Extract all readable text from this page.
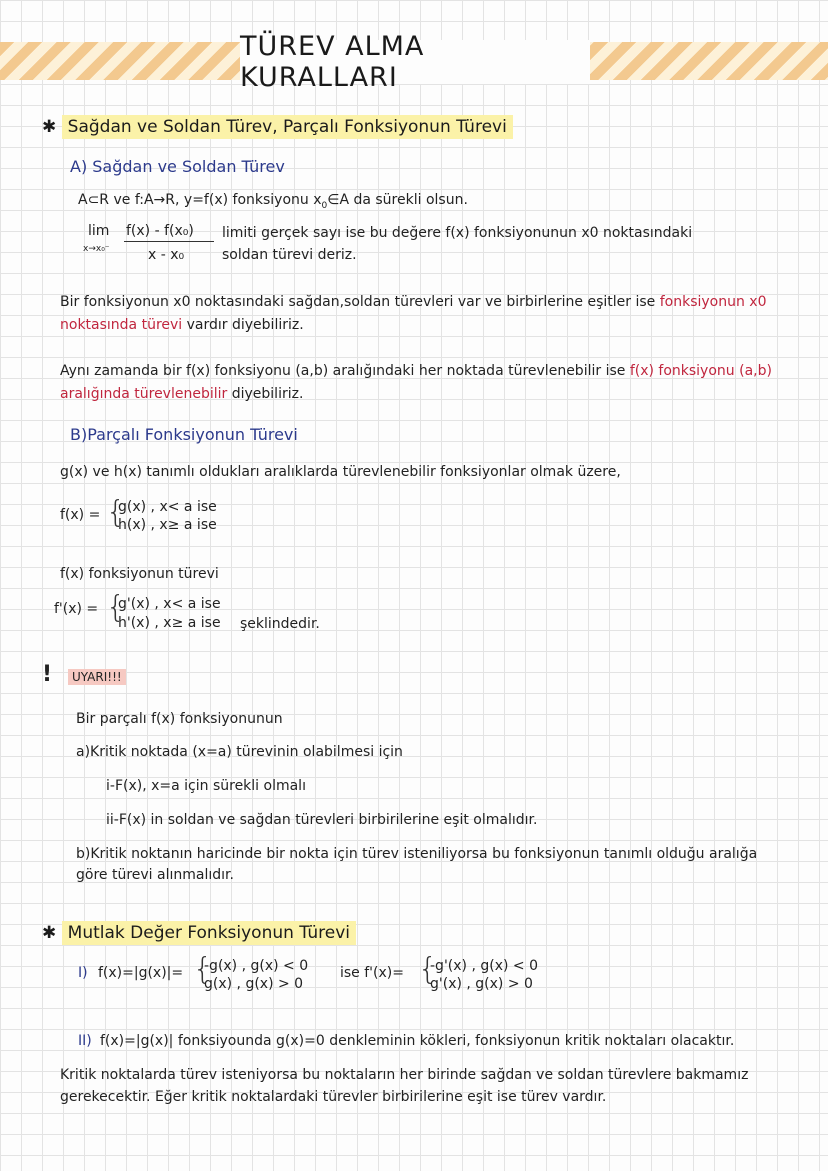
TÜREV ALMA KURALLARI
✱ Sağdan ve Soldan Türev, Parçalı Fonksiyonun Türevi
A) Sağdan ve Soldan Türev
A⊂R ve f:A→R, y=f(x) fonksiyonu $x_0\in A$ da sürekli olsun.
lim
x→x₀⁻
f(x) - f(x₀)
x - x₀
limiti gerçek sayı ise bu değere f(x) fonksiyonunun x0 noktasındaki
soldan türevi deriz.
Bir fonksiyonun x0 noktasındaki sağdan,soldan türevleri var ve birbirlerine eşitler ise fonksiyonun x0
noktasında türevi vardır diyebiliriz.
Aynı zamanda bir f(x) fonksiyonu (a,b) aralığındaki her noktada türevlenebilir ise f(x) fonksiyonu (a,b)
aralığında türevlenebilir diyebiliriz.
B)Parçalı Fonksiyonun Türevi
g(x) ve h(x) tanımlı oldukları aralıklarda türevlenebilir fonksiyonlar olmak üzere,
f(x) = {
g(x) , x< a ise
h(x) , x≥ a ise
f(x) fonksiyonun türevi
f'(x) = {
g'(x) , x< a ise
h'(x) , x≥ a ise şeklindedir.
!	UYARI!!!
Bir parçalı f(x) fonksiyonunun
a)Kritik noktada (x=a) türevinin olabilmesi için
i-F(x), x=a için sürekli olmalı
ii-F(x) in soldan ve sağdan türevleri birbirilerine eşit olmalıdır.
b)Kritik noktanın haricinde bir nokta için türev isteniliyorsa bu fonksiyonun tanımlı olduğu aralığa
göre türevi alınmalıdır.
✱ Mutlak Değer Fonksiyonun Türevi
I) f(x)=|g(x)|= {
-g(x) , g(x) < 0
g(x) , g(x) > 0
ise f'(x)= {
-g'(x) , g(x) < 0
g'(x) , g(x) > 0
II) f(x)=|g(x)| fonksiyounda g(x)=0 denkleminin kökleri, fonksiyonun kritik noktaları olacaktır.
Kritik noktalarda türev isteniyorsa bu noktaların her birinde sağdan ve soldan türevlere bakmamız
gerekecektir. Eğer kritik noktalardaki türevler birbirilerine eşit ise türev vardır.
